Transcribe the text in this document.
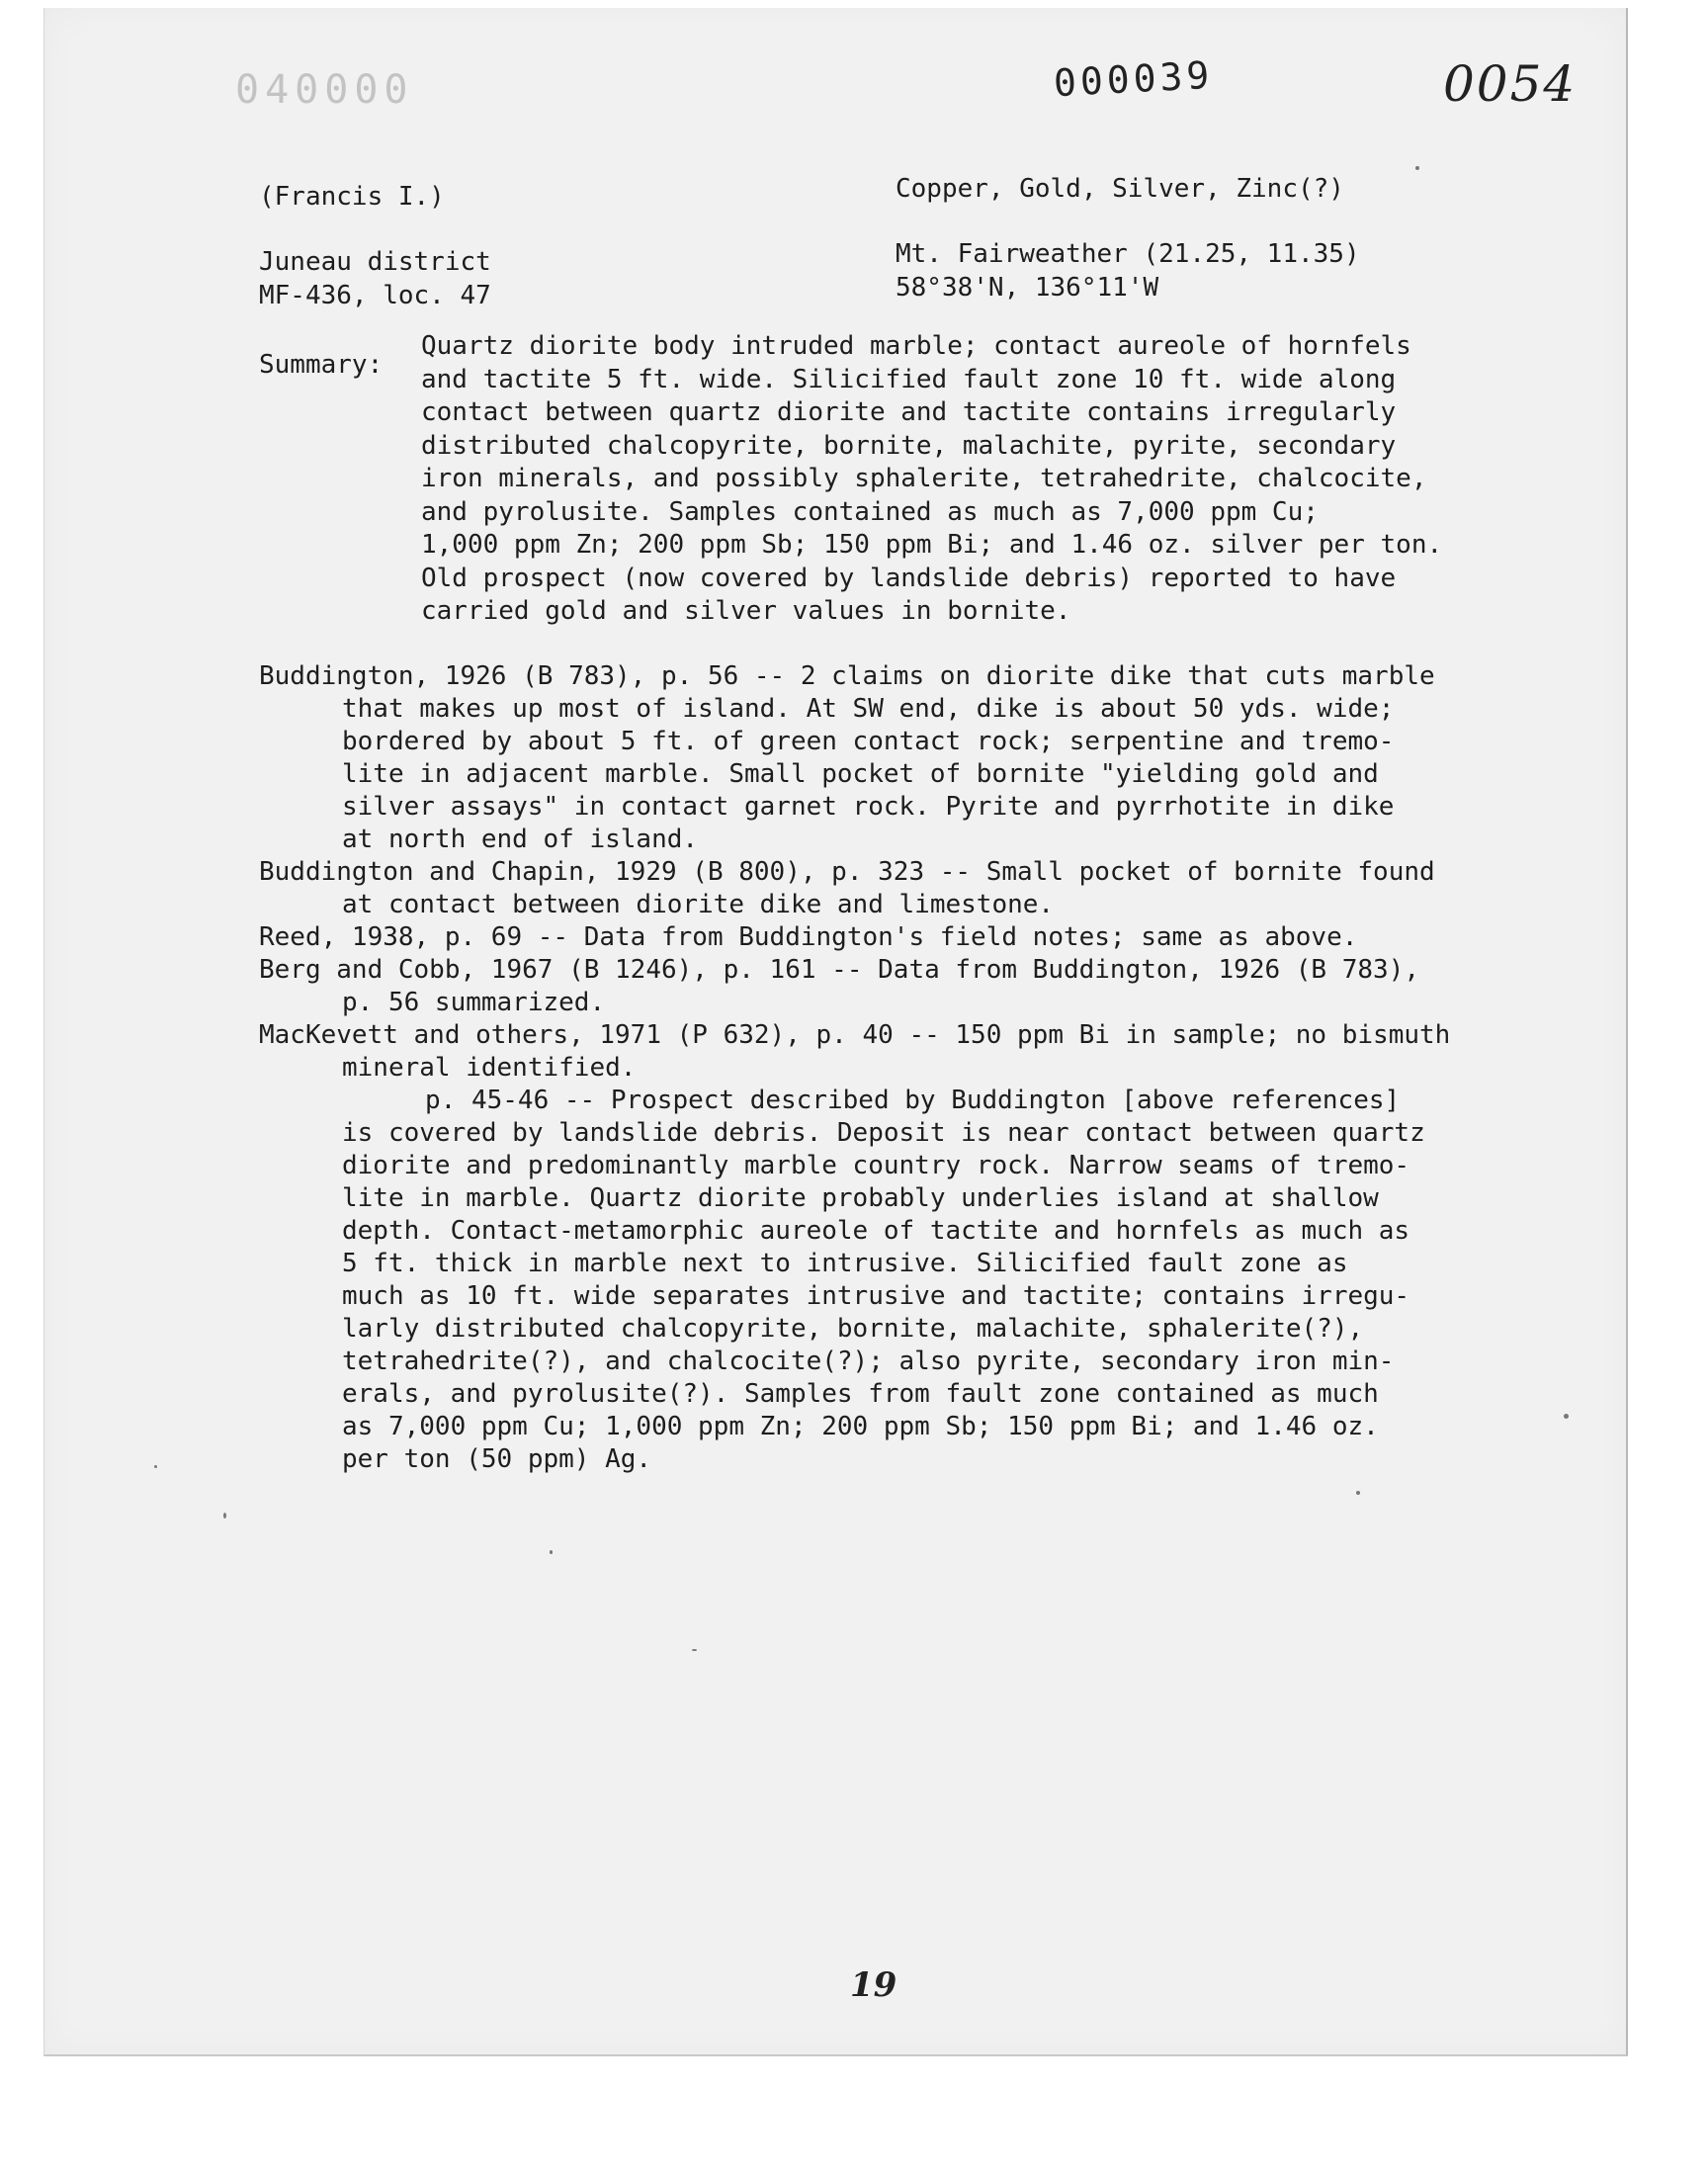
040000	000039	0054
(Francis I.)
Juneau district
MF-436, loc. 47
Copper, Gold, Silver, Zinc(?)
Mt. Fairweather (21.25, 11.35)
58°38'N, 136°11'W
Summary:
Quartz diorite body intruded marble; contact aureole of hornfels
and tactite 5 ft. wide. Silicified fault zone 10 ft. wide along
contact between quartz diorite and tactite contains irregularly
distributed chalcopyrite, bornite, malachite, pyrite, secondary
iron minerals, and possibly sphalerite, tetrahedrite, chalcocite,
and pyrolusite. Samples contained as much as 7,000 ppm Cu;
1,000 ppm Zn; 200 ppm Sb; 150 ppm Bi; and 1.46 oz. silver per ton.
Old prospect (now covered by landslide debris) reported to have
carried gold and silver values in bornite.
Buddington, 1926 (B 783), p. 56 -- 2 claims on diorite dike that cuts marble
that makes up most of island. At SW end, dike is about 50 yds. wide;
bordered by about 5 ft. of green contact rock; serpentine and tremo-
lite in adjacent marble. Small pocket of bornite "yielding gold and
silver assays" in contact garnet rock. Pyrite and pyrrhotite in dike
at north end of island.
Buddington and Chapin, 1929 (B 800), p. 323 -- Small pocket of bornite found
at contact between diorite dike and limestone.
Reed, 1938, p. 69 -- Data from Buddington's field notes; same as above.
Berg and Cobb, 1967 (B 1246), p. 161 -- Data from Buddington, 1926 (B 783),
p. 56 summarized.
MacKevett and others, 1971 (P 632), p. 40 -- 150 ppm Bi in sample; no bismuth
mineral identified.
p. 45-46 -- Prospect described by Buddington [above references]
is covered by landslide debris. Deposit is near contact between quartz
diorite and predominantly marble country rock. Narrow seams of tremo-
lite in marble. Quartz diorite probably underlies island at shallow
depth. Contact-metamorphic aureole of tactite and hornfels as much as
5 ft. thick in marble next to intrusive. Silicified fault zone as
much as 10 ft. wide separates intrusive and tactite; contains irregu-
larly distributed chalcopyrite, bornite, malachite, sphalerite(?),
tetrahedrite(?), and chalcocite(?); also pyrite, secondary iron min-
erals, and pyrolusite(?). Samples from fault zone contained as much
as 7,000 ppm Cu; 1,000 ppm Zn; 200 ppm Sb; 150 ppm Bi; and 1.46 oz.
per ton (50 ppm) Ag.
19
